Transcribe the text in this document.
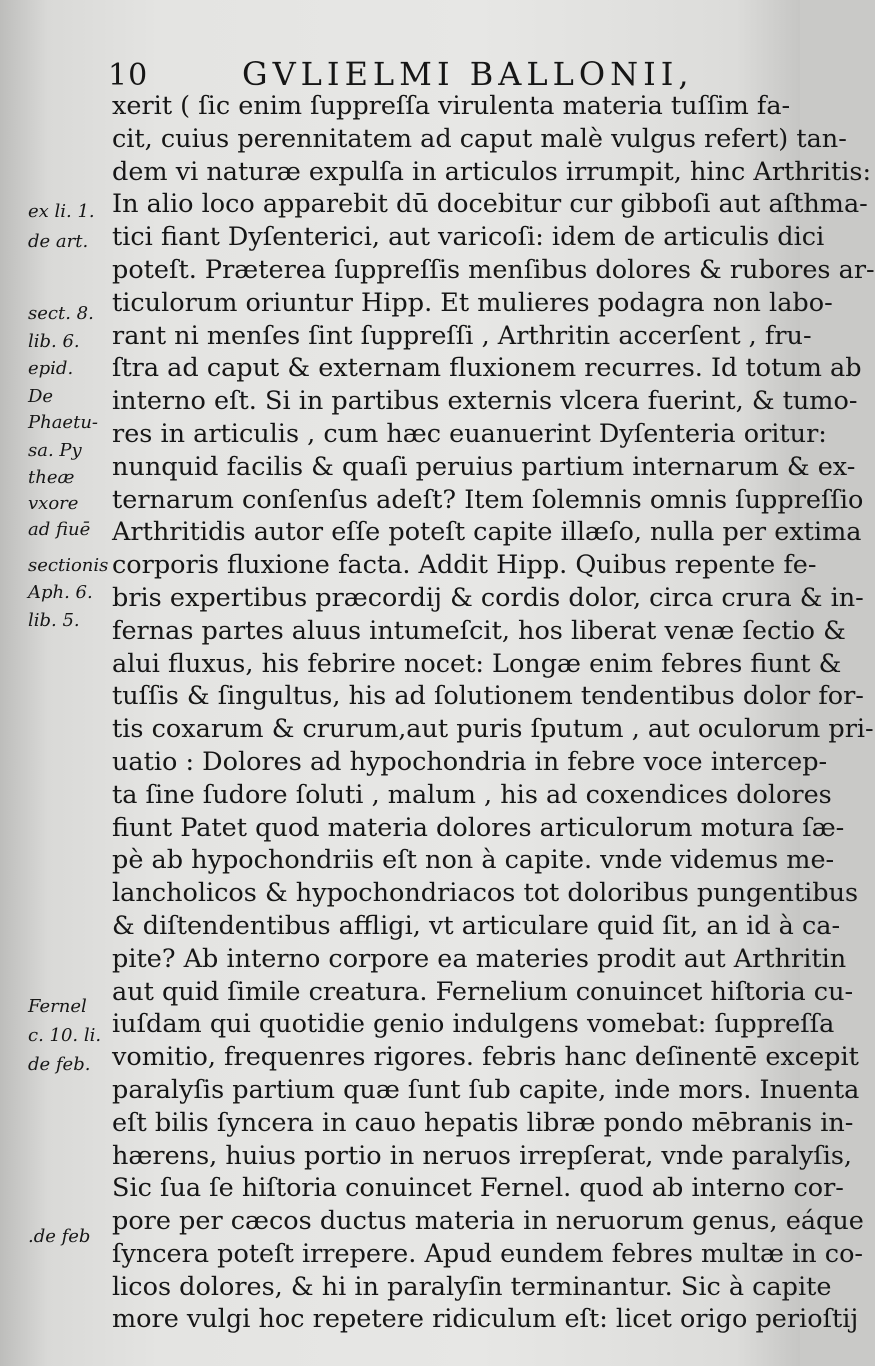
10	GVLIELMI BALLONII,
ex li. 1.
de art.
sect. 8.
lib. 6.
epid.
De
Phaetu-
sa. Py
theæ
vxore
ad fiuē
sectionis
Aph. 6.
lib. 5.
Fernel
c. 10. li.
de feb.
.de feb
xerit ( ſic enim ſuppreſſa virulenta materia tuſſim fa-
cit, cuius perennitatem ad caput malè vulgus refert) tan-
dem vi naturæ expulſa in articulos irrumpit, hinc Arthritis:
In alio loco apparebit dū docebitur cur gibboſi aut aſthma-
tici fiant Dyſenterici, aut varicoſi: idem de articulis dici
poteſt. Præterea ſuppreſſis menſibus dolores & rubores ar-
ticulorum oriuntur Hipp. Et mulieres podagra non labo-
rant ni menſes ſint ſuppreſſi , Arthritin accerſent , fru-
ſtra ad caput & externam fluxionem recurres. Id totum ab
interno eſt. Si in partibus externis vlcera fuerint, & tumo-
res in articulis , cum hæc euanuerint Dyſenteria oritur:
nunquid facilis & quaſi peruius partium internarum & ex-
ternarum conſenſus adeſt? Item ſolemnis omnis ſuppreſſio
Arthritidis autor eſſe poteſt capite illæſo, nulla per extima
corporis fluxione facta. Addit Hipp. Quibus repente fe-
bris expertibus præcordij & cordis dolor, circa crura & in-
fernas partes aluus intumeſcit, hos liberat venæ ſectio &
alui fluxus, his febrire nocet: Longæ enim febres fiunt &
tuſſis & ſingultus, his ad ſolutionem tendentibus dolor for-
tis coxarum & crurum,aut puris ſputum , aut oculorum pri-
uatio : Dolores ad hypochondria in febre voce intercep-
ta ſine ſudore ſoluti , malum , his ad coxendices dolores
fiunt Patet quod materia dolores articulorum motura ſæ-
pè ab hypochondriis eſt non à capite. vnde videmus me-
lancholicos & hypochondriacos tot doloribus pungentibus
& diſtendentibus affligi, vt articulare quid ſit, an id à ca-
pite? Ab interno corpore ea materies prodit aut Arthritin
aut quid ſimile creatura. Fernelium conuincet hiſtoria cu-
iuſdam qui quotidie genio indulgens vomebat: ſuppreſſa
vomitio, frequenres rigores. febris hanc deſinentē excepit
paralyſis partium quæ ſunt ſub capite, inde mors. Inuenta
eſt bilis ſyncera in cauo hepatis libræ pondo mēbranis in-
hærens, huius portio in neruos irrepſerat, vnde paralyſis,
Sic ſua ſe hiſtoria conuincet Fernel. quod ab interno cor-
pore per cæcos ductus materia in neruorum genus, eáque
ſyncera poteſt irrepere. Apud eundem febres multæ in co-
licos dolores, & hi in paralyſin terminantur. Sic à capite
more vulgi hoc repetere ridiculum eſt: licet origo perioſtij
